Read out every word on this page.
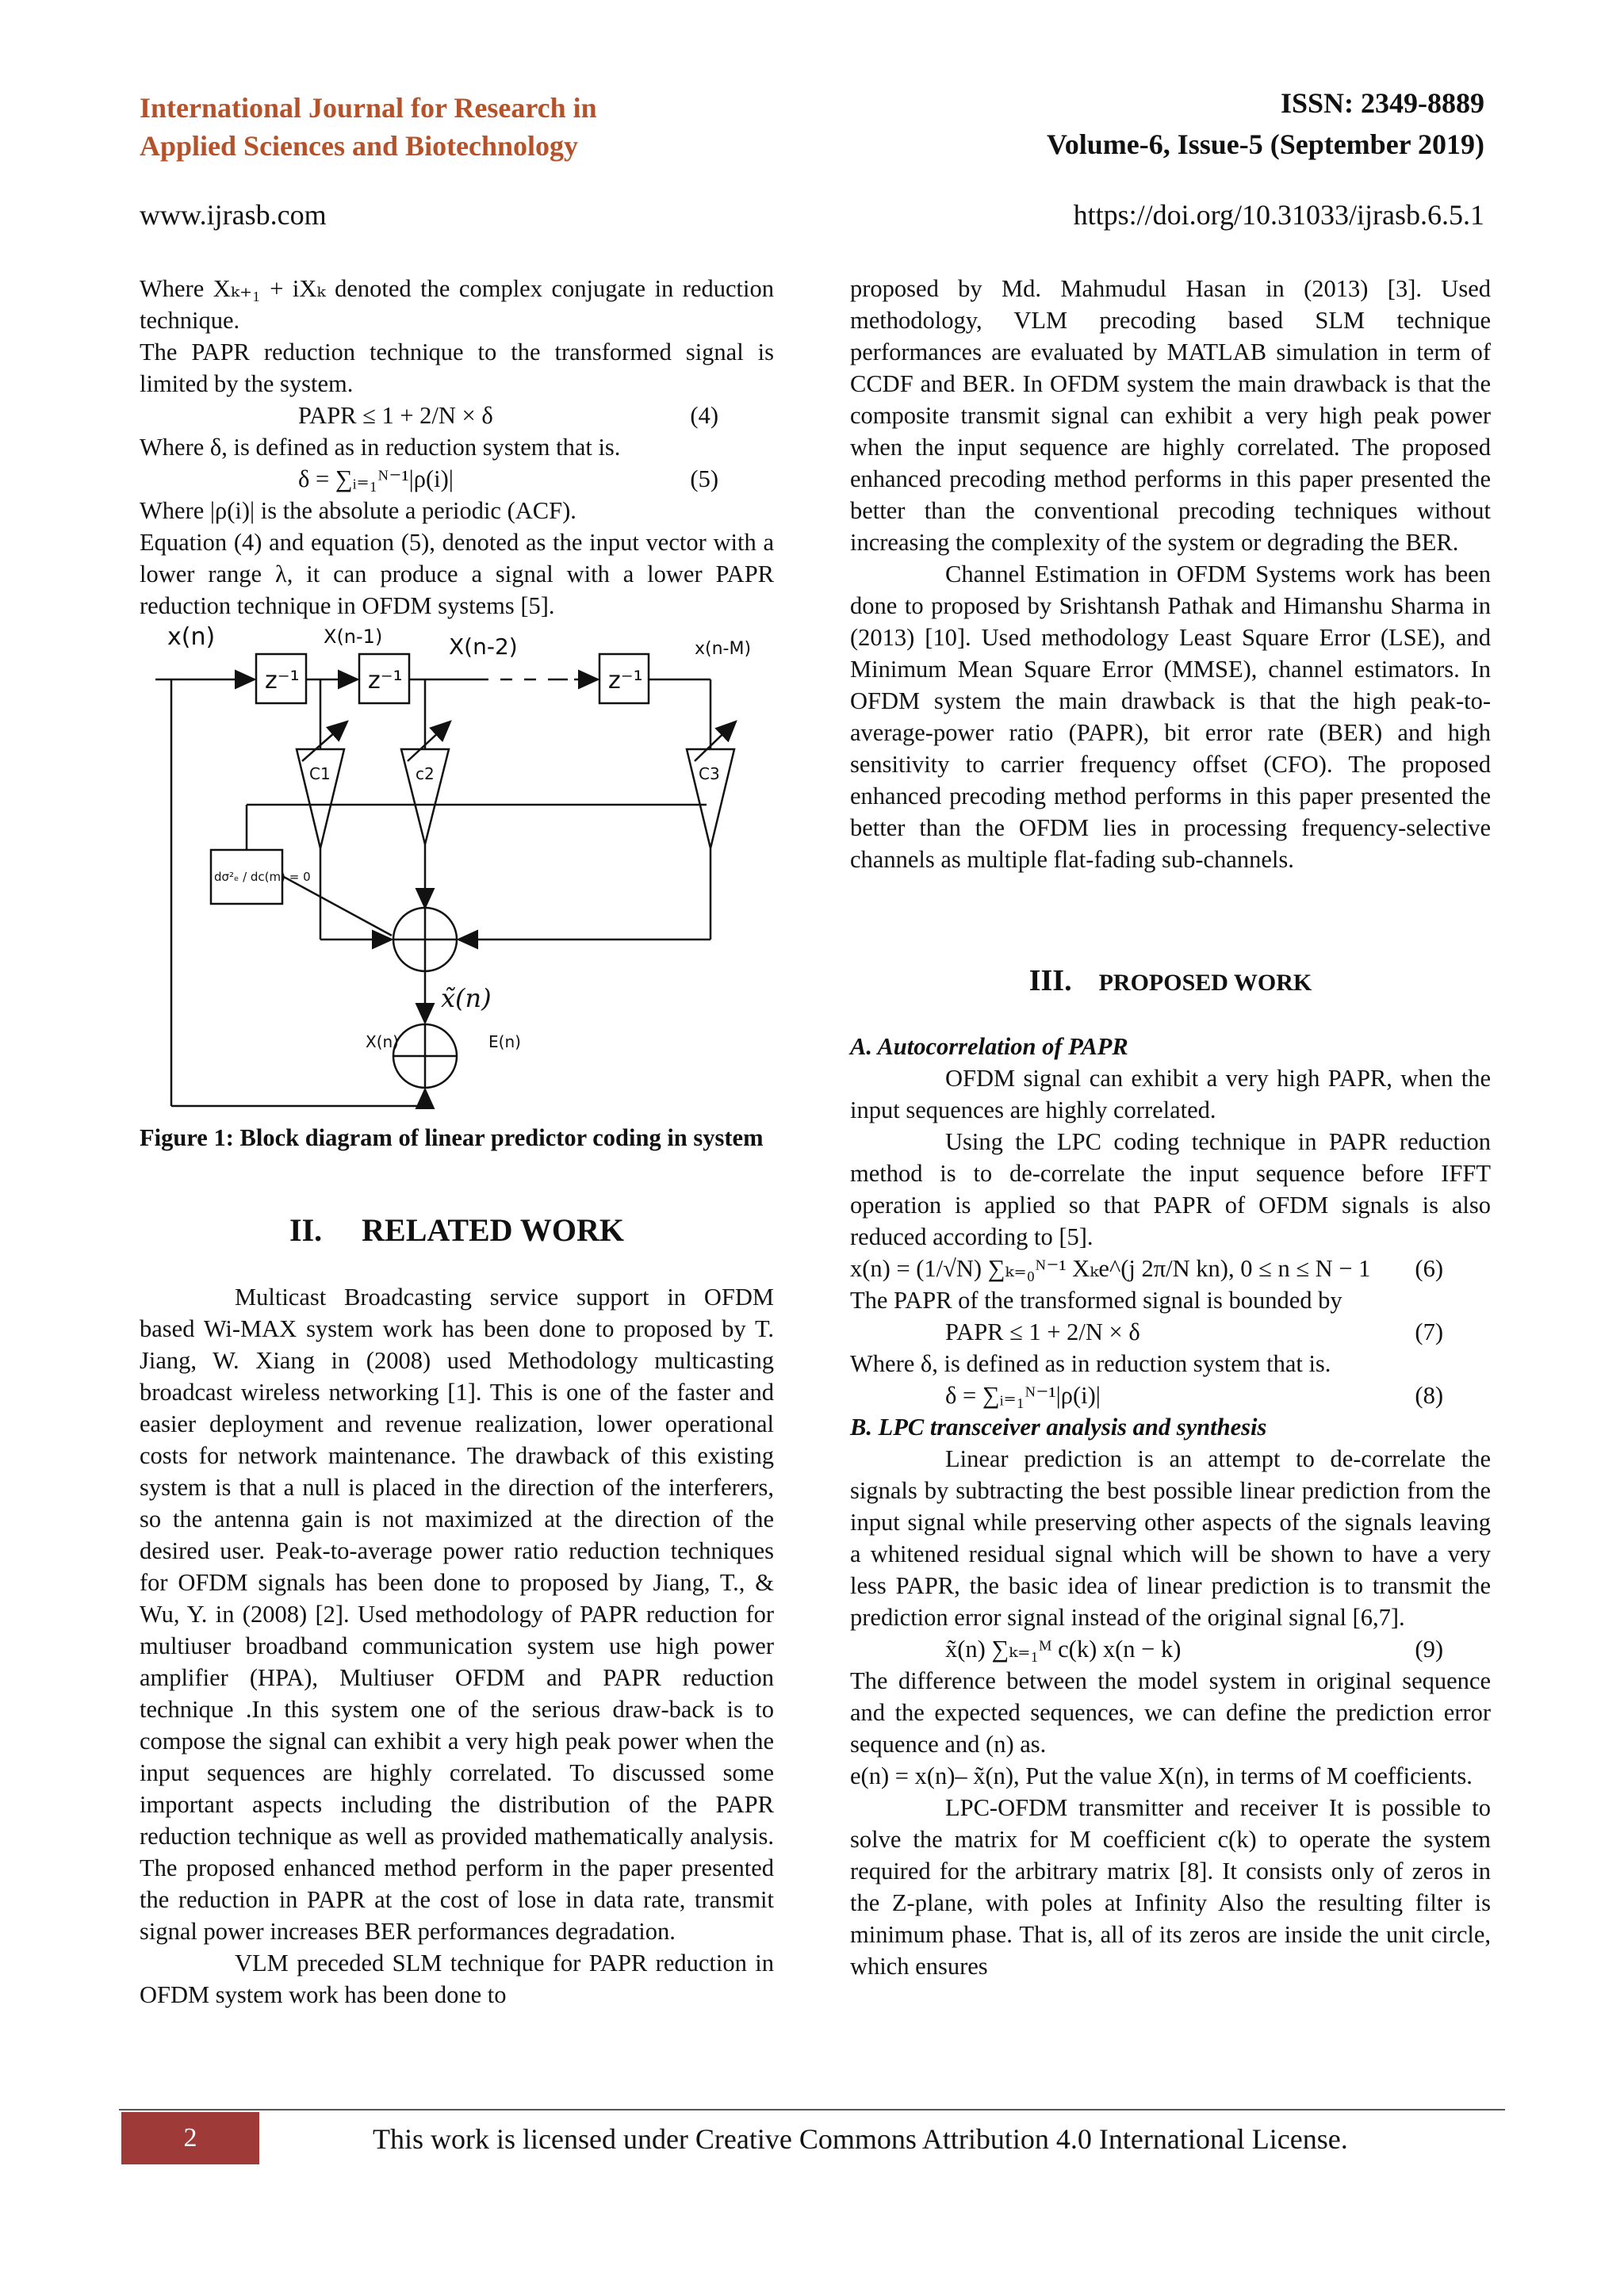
International Journal for Research in
Applied Sciences and Biotechnology
ISSN: 2349-8889
Volume-6, Issue-5 (September 2019)
www.ijrasb.com	https://doi.org/10.31033/ijrasb.6.5.1

Where Xₖ₊₁ + iXₖ denoted the complex conjugate in reduction technique.

The PAPR reduction technique to the transformed signal is limited by the system.

PAPR ≤ 1 + 2/N × δ	(4)

Where δ, is defined as in reduction system that is.

δ = ∑ᵢ₌₁ᴺ⁻¹|ρ(i)|	(5)

Where |ρ(i)| is the absolute a periodic (ACF).

Equation (4) and equation (5), denoted as the input vector with a lower range λ, it can produce a signal with a lower PAPR reduction technique in OFDM systems [5].

x(n)	X(n-1)	X(n-2)	x(n-M)
z⁻¹	z⁻¹	z⁻¹
C1	c2	C3
dσ²ₑ / dc(m) = 0
x̃(n)
X(n)	E(n)
Figure 1: Block diagram of linear predictor coding in system
II. RELATED WORK

Multicast Broadcasting service support in OFDM based Wi-MAX system work has been done to proposed by T. Jiang, W. Xiang in (2008) used Methodology multicasting broadcast wireless networking [1]. This is one of the faster and easier deployment and revenue realization, lower operational costs for network maintenance. The drawback of this existing system is that a null is placed in the direction of the interferers, so the antenna gain is not maximized at the direction of the desired user. Peak-to-average power ratio reduction techniques for OFDM signals has been done to proposed by Jiang, T., & Wu, Y. in (2008) [2]. Used methodology of PAPR reduction for multiuser broadband communication system use high power amplifier (HPA), Multiuser OFDM and PAPR reduction technique .In this system one of the serious draw-back is to compose the signal can exhibit a very high peak power when the input sequences are highly correlated. To discussed some important aspects including the distribution of the PAPR reduction technique as well as provided mathematically analysis. The proposed enhanced method perform in the paper presented the reduction in PAPR at the cost of lose in data rate, transmit signal power increases BER performances degradation.

VLM preceded SLM technique for PAPR reduction in OFDM system work has been done to

proposed by Md. Mahmudul Hasan in (2013) [3]. Used methodology, VLM precoding based SLM technique performances are evaluated by MATLAB simulation in term of CCDF and BER. In OFDM system the main drawback is that the composite transmit signal can exhibit a very high peak power when the input sequence are highly correlated. The proposed enhanced precoding method performs in this paper presented the better than the conventional precoding techniques without increasing the complexity of the system or degrading the BER.

Channel Estimation in OFDM Systems work has been done to proposed by Srishtansh Pathak and Himanshu Sharma in (2013) [10]. Used methodology Least Square Error (LSE), and Minimum Mean Square Error (MMSE), channel estimators. In OFDM system the main drawback is that the high peak-to-average-power ratio (PAPR), bit error rate (BER) and high sensitivity to carrier frequency offset (CFO). The proposed enhanced precoding method performs in this paper presented the better than the OFDM lies in processing frequency-selective channels as multiple flat-fading sub-channels.

III. PROPOSED WORK

A. Autocorrelation of PAPR

OFDM signal can exhibit a very high PAPR, when the input sequences are highly correlated.

Using the LPC coding technique in PAPR reduction method is to de-correlate the input sequence before IFFT operation is applied so that PAPR of OFDM signals is also reduced according to [5].

x(n) = (1/√N) ∑ₖ₌₀ᴺ⁻¹ Xₖe^(j 2π/N kn), 0 ≤ n ≤ N − 1 (6)

The PAPR of the transformed signal is bounded by

PAPR ≤ 1 + 2/N × δ	(7)

Where δ, is defined as in reduction system that is.

δ = ∑ᵢ₌₁ᴺ⁻¹|ρ(i)|	(8)

B. LPC transceiver analysis and synthesis

Linear prediction is an attempt to de-correlate the signals by subtracting the best possible linear prediction from the input signal while preserving other aspects of the signals leaving a whitened residual signal which will be shown to have a very less PAPR, the basic idea of linear prediction is to transmit the prediction error signal instead of the original signal [6,7].

x̃(n) ∑ₖ₌₁ᴹ c(k) x(n − k)	(9)

The difference between the model system in original sequence and the expected sequences, we can define the prediction error sequence and (n) as.

e(n) = x(n)– x̃(n), Put the value X(n), in terms of M coefficients.

LPC-OFDM transmitter and receiver It is possible to solve the matrix for M coefficient c(k) to operate the system required for the arbitrary matrix [8]. It consists only of zeros in the Z-plane, with poles at Infinity Also the resulting filter is minimum phase. That is, all of its zeros are inside the unit circle, which ensures

2	This work is licensed under Creative Commons Attribution 4.0 International License.
